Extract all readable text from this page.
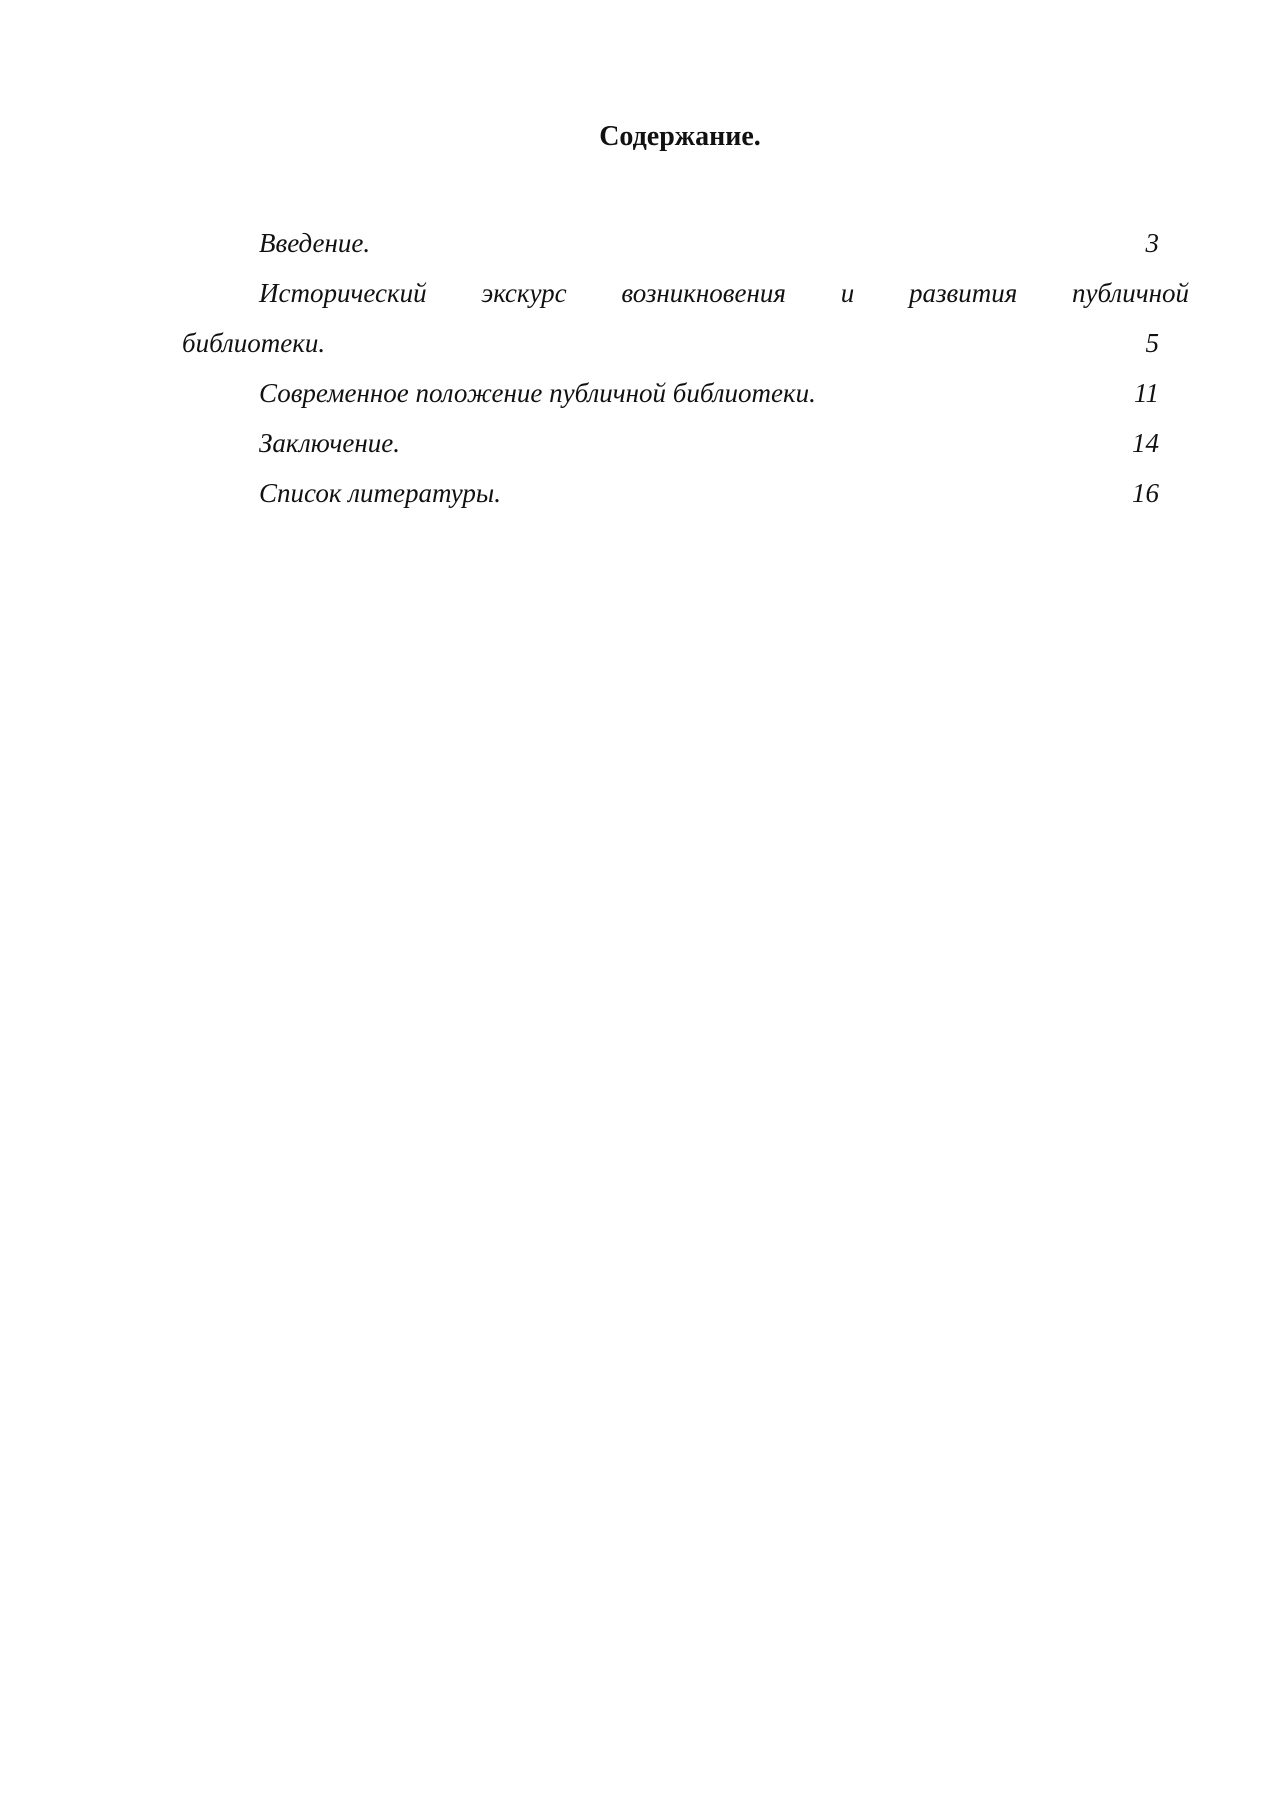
Содержание.
Введение.	3
Исторический экскурс возникновения и развития публичной
библиотеки.	5
Современное положение публичной библиотеки.	11
Заключение.	14
Список литературы.	16
